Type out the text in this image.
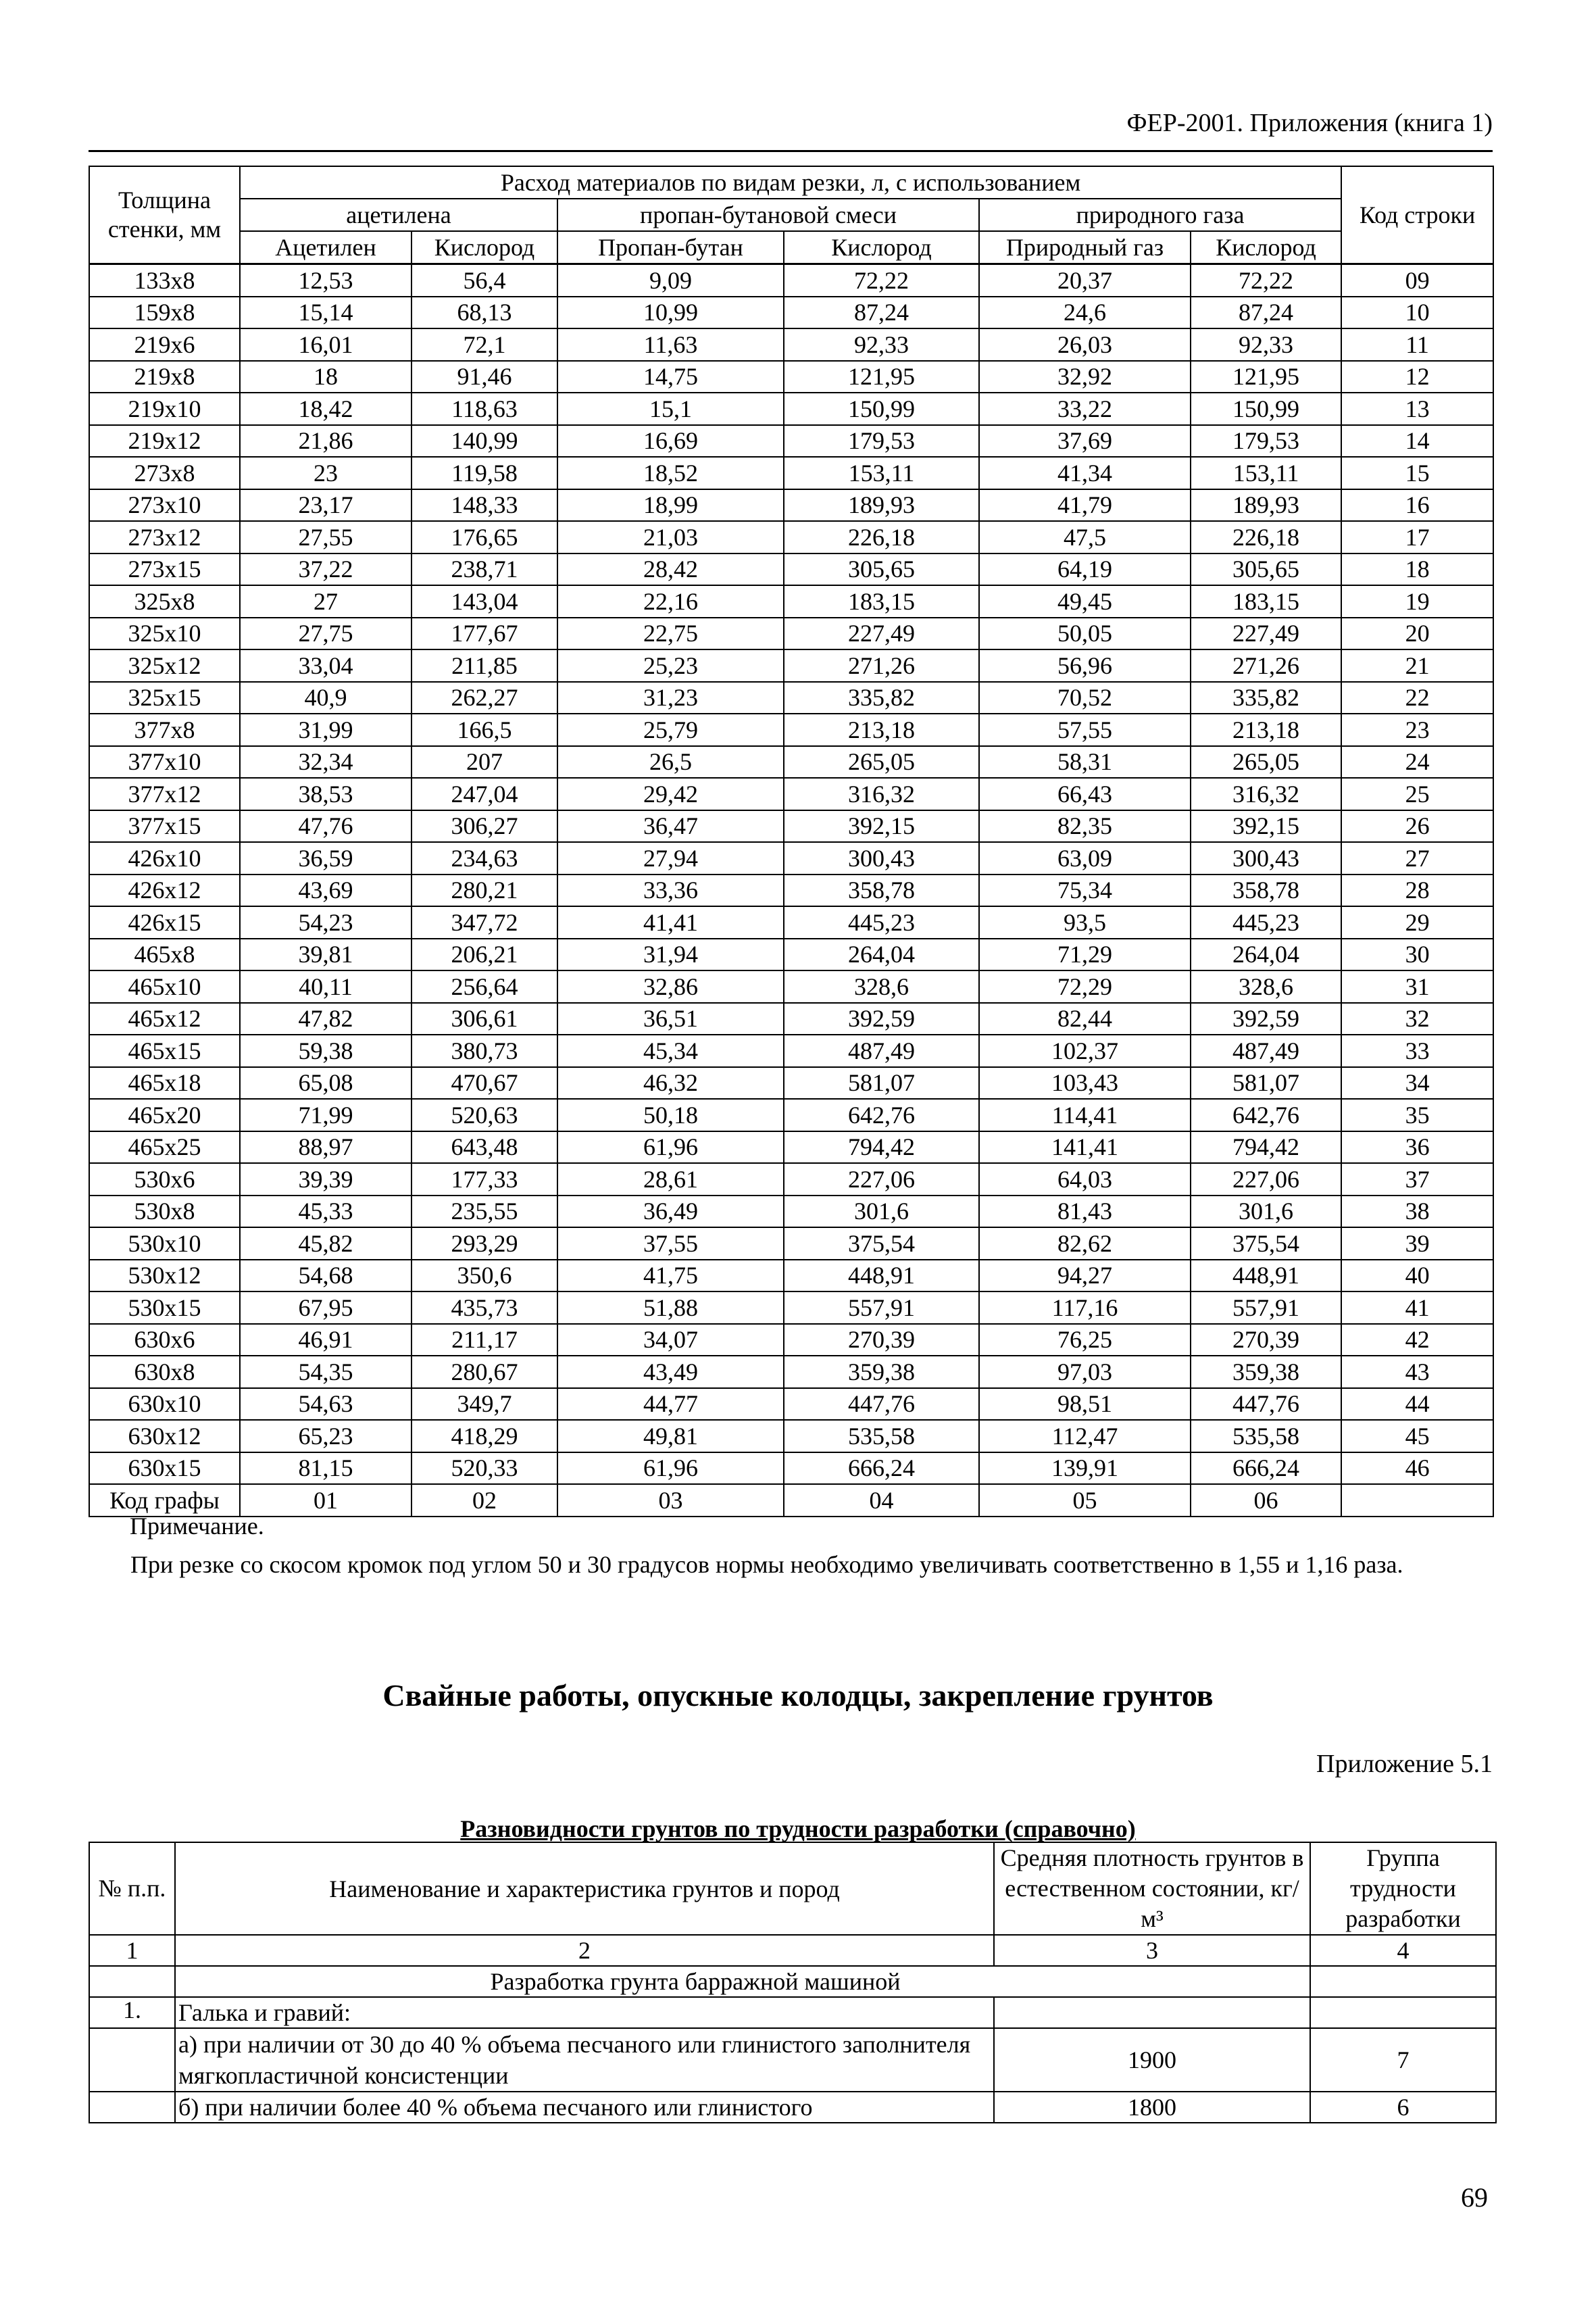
ФЕР-2001. Приложения (книга 1)
Толщина стенки, мм	Расход материалов по видам резки, л, с использованием						Код строки
	ацетилена		пропан-бутановой смеси		природного газа		
	Ацетилен	Кислород	Пропан-бутан	Кислород	Природный газ	Кислород	
133x8	12,53	56,4	9,09	72,22	20,37	72,22	09
159x8	15,14	68,13	10,99	87,24	24,6	87,24	10
219x6	16,01	72,1	11,63	92,33	26,03	92,33	11
219x8	18	91,46	14,75	121,95	32,92	121,95	12
219x10	18,42	118,63	15,1	150,99	33,22	150,99	13
219x12	21,86	140,99	16,69	179,53	37,69	179,53	14
273x8	23	119,58	18,52	153,11	41,34	153,11	15
273x10	23,17	148,33	18,99	189,93	41,79	189,93	16
273x12	27,55	176,65	21,03	226,18	47,5	226,18	17
273x15	37,22	238,71	28,42	305,65	64,19	305,65	18
325x8	27	143,04	22,16	183,15	49,45	183,15	19
325x10	27,75	177,67	22,75	227,49	50,05	227,49	20
325x12	33,04	211,85	25,23	271,26	56,96	271,26	21
325x15	40,9	262,27	31,23	335,82	70,52	335,82	22
377x8	31,99	166,5	25,79	213,18	57,55	213,18	23
377x10	32,34	207	26,5	265,05	58,31	265,05	24
377x12	38,53	247,04	29,42	316,32	66,43	316,32	25
377x15	47,76	306,27	36,47	392,15	82,35	392,15	26
426x10	36,59	234,63	27,94	300,43	63,09	300,43	27
426x12	43,69	280,21	33,36	358,78	75,34	358,78	28
426x15	54,23	347,72	41,41	445,23	93,5	445,23	29
465x8	39,81	206,21	31,94	264,04	71,29	264,04	30
465x10	40,11	256,64	32,86	328,6	72,29	328,6	31
465x12	47,82	306,61	36,51	392,59	82,44	392,59	32
465x15	59,38	380,73	45,34	487,49	102,37	487,49	33
465x18	65,08	470,67	46,32	581,07	103,43	581,07	34
465x20	71,99	520,63	50,18	642,76	114,41	642,76	35
465x25	88,97	643,48	61,96	794,42	141,41	794,42	36
530x6	39,39	177,33	28,61	227,06	64,03	227,06	37
530x8	45,33	235,55	36,49	301,6	81,43	301,6	38
530x10	45,82	293,29	37,55	375,54	82,62	375,54	39
530x12	54,68	350,6	41,75	448,91	94,27	448,91	40
530x15	67,95	435,73	51,88	557,91	117,16	557,91	41
630x6	46,91	211,17	34,07	270,39	76,25	270,39	42
630x8	54,35	280,67	43,49	359,38	97,03	359,38	43
630x10	54,63	349,7	44,77	447,76	98,51	447,76	44
630x12	65,23	418,29	49,81	535,58	112,47	535,58	45
630x15	81,15	520,33	61,96	666,24	139,91	666,24	46
Код графы	01	02	03	04	05	06	
Примечание.
При резке со скосом кромок под углом 50 и 30 градусов нормы необходимо увеличивать соответственно в 1,55 и 1,16 раза.
Свайные работы, опускные колодцы, закрепление грунтов
Приложение 5.1
Разновидности грунтов по трудности разработки (справочно)
№ п.п.	Наименование и характеристика грунтов и пород	Средняя плотность грунтов в естественном состоянии, кг/м³	Группа трудности разработки
1	2	3	4
	Разработка грунта барражной машиной		
1.	Галька и гравий:		
	а) при наличии от 30 до 40 % объема песчаного или глинистого заполнителя мягкопластичной консистенции	1900	7
	б) при наличии более 40 % объема песчаного или глинистого	1800	6
69
